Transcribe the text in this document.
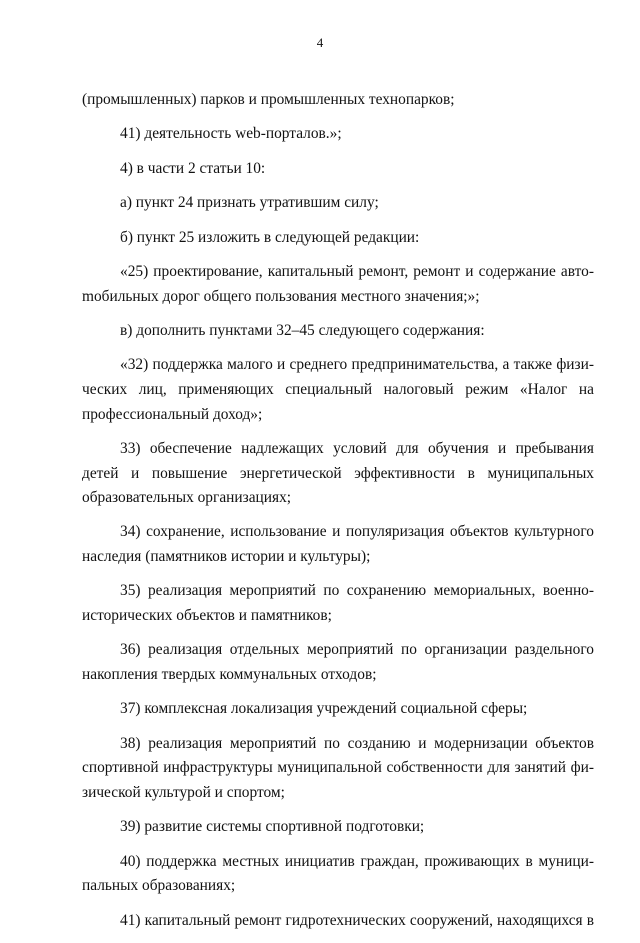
4

(промышленных) парков и промышленных технопарков;

41) деятельность web-порталов.»;

4) в части 2 статьи 10:

а) пункт 24 признать утратившим силу;

б) пункт 25 изложить в следующей редакции:

«25) проектирование, капитальный ремонт, ремонт и содержание автоmобильных дорог общего пользования местного значения;»;

в) дополнить пунктами 32–45 следующего содержания:

«32) поддержка малого и среднего предпринимательства, а также физических лиц, применяющих специальный налоговый режим «Налог на профессиональный доход»;

33) обеспечение надлежащих условий для обучения и пребывания детей и повышение энергетической эффективности в муниципальных образовательных организациях;

34) сохранение, использование и популяризация объектов культурного наследия (памятников истории и культуры);

35) реализация мероприятий по сохранению мемориальных, военно-исторических объектов и памятников;

36) реализация отдельных мероприятий по организации раздельного накопления твердых коммунальных отходов;

37) комплексная локализация учреждений социальной сферы;

38) реализация мероприятий по созданию и модернизации объектов спортивной инфраструктуры муниципальной собственности для занятий физической культурой и спортом;

39) развитие системы спортивной подготовки;

40) поддержка местных инициатив граждан, проживающих в муниципальных образованиях;

41) капитальный ремонт гидротехнических сооружений, находящихся в
